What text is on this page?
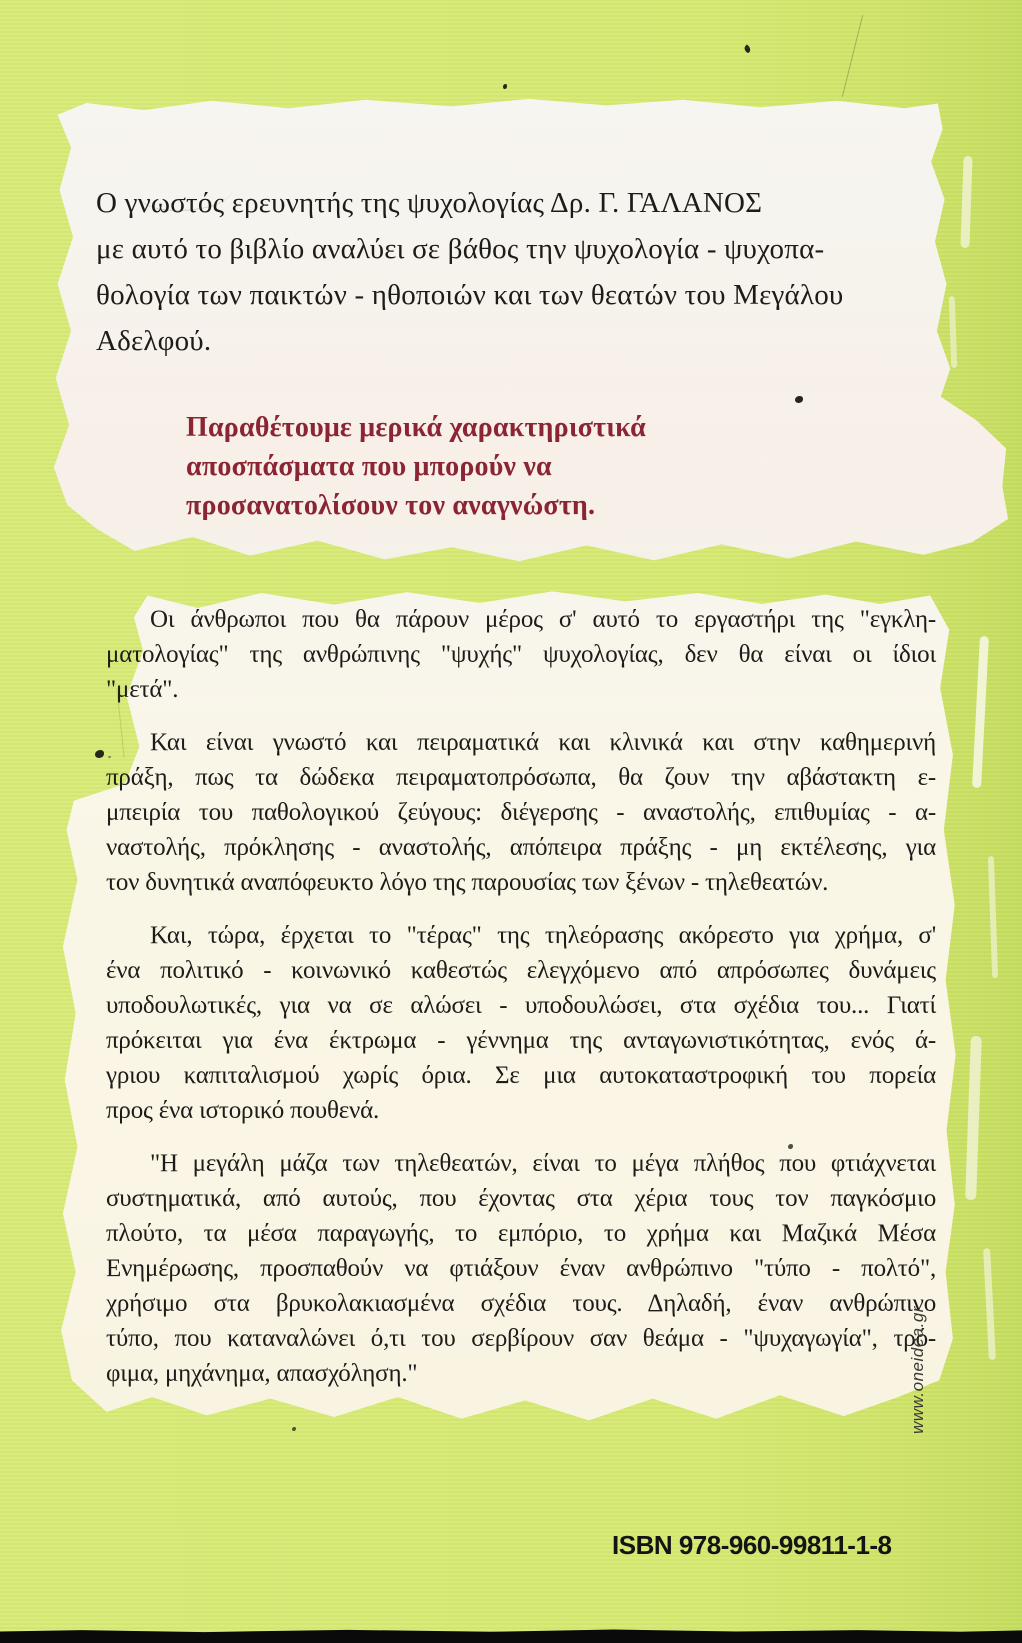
Ο γνωστός ερευνητής της ψυχολογίας Δρ. Γ. ΓΑΛΑΝΟΣ
με αυτό το βιβλίο αναλύει σε βάθος την ψυχολογία - ψυχοπα-
θολογία των παικτών - ηθοποιών και των θεατών του Μεγάλου
Αδελφού.
Παραθέτουμε μερικά χαρακτηριστικά
αποσπάσματα που μπορούν να
προσανατολίσουν τον αναγνώστη.
Οι άνθρωποι που θα πάρουν μέρος σ' αυτό το εργαστήρι της "εγκλη-
ματολογίας" της ανθρώπινης "ψυχής" ψυχολογίας, δεν θα είναι οι ίδιοι
"μετά".
Και είναι γνωστό και πειραματικά και κλινικά και στην καθημερινή
πράξη, πως τα δώδεκα πειραματοπρόσωπα, θα ζουν την αβάστακτη ε-
μπειρία του παθολογικού ζεύγους: διέγερσης - αναστολής, επιθυμίας - α-
ναστολής, πρόκλησης - αναστολής, απόπειρα πράξης - μη εκτέλεσης, για
τον δυνητικά αναπόφευκτο λόγο της παρουσίας των ξένων - τηλεθεατών.
Και, τώρα, έρχεται το "τέρας" της τηλεόρασης ακόρεστο για χρήμα, σ'
ένα πολιτικό - κοινωνικό καθεστώς ελεγχόμενο από απρόσωπες δυνάμεις
υποδουλωτικές, για να σε αλώσει - υποδουλώσει, στα σχέδια του... Γιατί
πρόκειται για ένα έκτρωμα - γέννημα της ανταγωνιστικότητας, ενός ά-
γριου καπιταλισμού χωρίς όρια. Σε μια αυτοκαταστροφική του πορεία
προς ένα ιστορικό πουθενά.
"Η μεγάλη μάζα των τηλεθεατών, είναι το μέγα πλήθος που φτιάχνεται
συστηματικά, από αυτούς, που έχοντας στα χέρια τους τον παγκόσμιο
πλούτο, τα μέσα παραγωγής, το εμπόριο, το χρήμα και Μαζικά Μέσα
Ενημέρωσης, προσπαθούν να φτιάξουν έναν ανθρώπινο "τύπο - πολτό",
χρήσιμο στα βρυκολακιασμένα σχέδια τους. Δηλαδή, έναν ανθρώπινο
τύπο, που καταναλώνει ό,τι του σερβίρουν σαν θεάμα - "ψυχαγωγία", τρό-
φιμα, μηχάνημα, απασχόληση."	www.oneidea.gr
ISBN 978-960-99811-1-8
